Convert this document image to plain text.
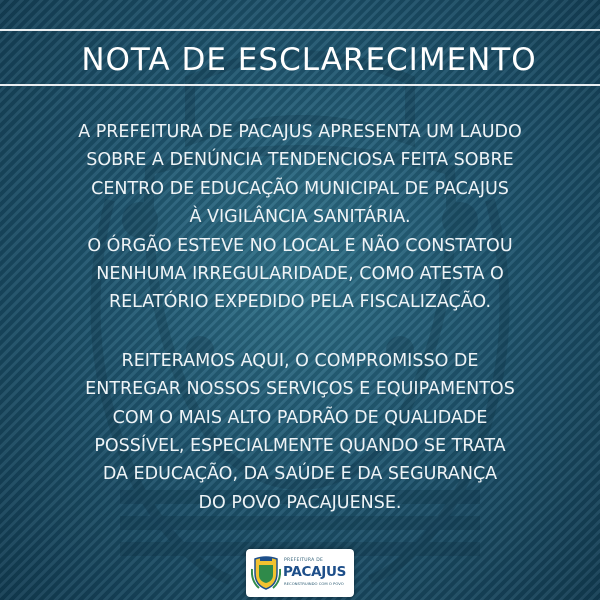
NOTA DE ESCLARECIMENTO
A PREFEITURA DE PACAJUS APRESENTA UM LAUDO
SOBRE A DENÚNCIA TENDENCIOSA FEITA SOBRE
CENTRO DE EDUCAÇÃO MUNICIPAL DE PACAJUS
À VIGILÂNCIA SANITÁRIA.
O ÓRGÃO ESTEVE NO LOCAL E NÃO CONSTATOU
NENHUMA IRREGULARIDADE, COMO ATESTA O
RELATÓRIO EXPEDIDO PELA FISCALIZAÇÃO.
REITERAMOS AQUI, O COMPROMISSO DE
ENTREGAR NOSSOS SERVIÇOS E EQUIPAMENTOS
COM O MAIS ALTO PADRÃO DE QUALIDADE
POSSÍVEL, ESPECIALMENTE QUANDO SE TRATA
DA EDUCAÇÃO, DA SAÚDE E DA SEGURANÇA
DO POVO PACAJUENSE.
PREFEITURA DE
PACAJUS
RECONSTRUINDO COM O POVO
